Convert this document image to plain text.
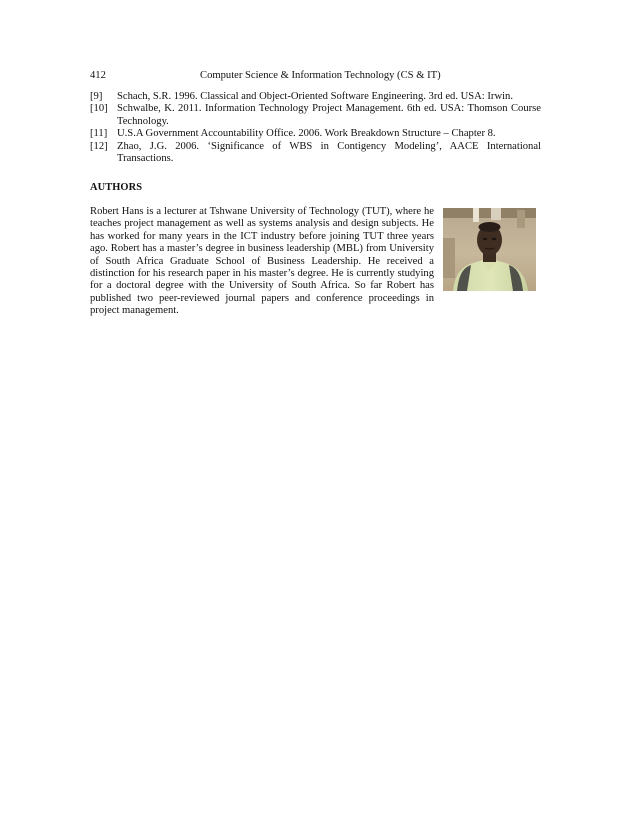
412	Computer Science & Information Technology (CS & IT)
[9] Schach, S.R. 1996. Classical and Object-Oriented Software Engineering. 3rd ed. USA: Irwin.
[10] Schwalbe, K. 2011. Information Technology Project Management. 6th ed. USA: Thomson Course Technology.
[11] U.S.A Government Accountability Office. 2006. Work Breakdown Structure – Chapter 8.
[12] Zhao, J.G. 2006. ‘Significance of WBS in Contigency Modeling’, AACE International Transactions.
AUTHORS

Robert Hans is a lecturer at Tshwane University of Technology (TUT), where he teaches project management as well as systems analysis and design subjects. He has worked for many years in the ICT industry before joining TUT three years ago. Robert has a master’s degree in business leadership (MBL) from University of South Africa Graduate School of Business Leadership. He received a distinction for his research paper in his master’s degree. He is currently studying for a doctoral degree with the University of South Africa. So far Robert has published two peer-reviewed journal papers and conference proceedings in project management.
